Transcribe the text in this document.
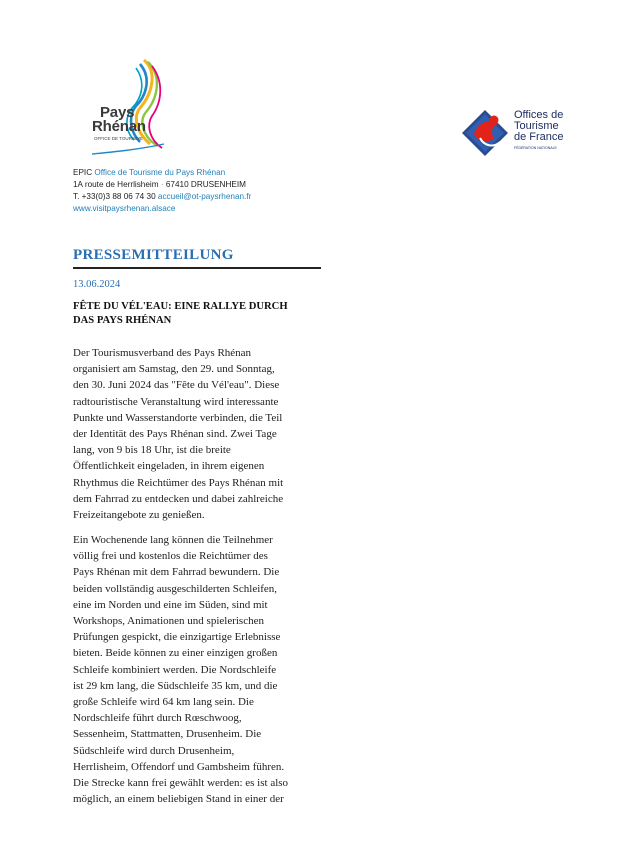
Pays
Rhénan
OFFICE DE TOURISME
Offices de
Tourisme
de France
FÉDÉRATION NATIONALE
EPIC Office de Tourisme du Pays Rhénan
1A route de Herrlisheim · 67410 DRUSENHEIM
T. +33(0)3 88 06 74 30 accueil@ot-paysrhenan.fr
www.visitpaysrhenan.alsace
PRESSEMITTEILUNG
13.06.2024
FÊTE DU VÉL'EAU: EINE RALLYE DURCH
DAS PAYS RHÉNAN
Der Tourismusverband des Pays Rhénan
organisiert am Samstag, den 29. und Sonntag,
den 30. Juni 2024 das "Fête du Vél'eau". Diese
radtouristische Veranstaltung wird interessante
Punkte und Wasserstandorte verbinden, die Teil
der Identität des Pays Rhénan sind. Zwei Tage
lang, von 9 bis 18 Uhr, ist die breite
Öffentlichkeit eingeladen, in ihrem eigenen
Rhythmus die Reichtümer des Pays Rhénan mit
dem Fahrrad zu entdecken und dabei zahlreiche
Freizeitangebote zu genießen.
Ein Wochenende lang können die Teilnehmer
völlig frei und kostenlos die Reichtümer des
Pays Rhénan mit dem Fahrrad bewundern. Die
beiden vollständig ausgeschilderten Schleifen,
eine im Norden und eine im Süden, sind mit
Workshops, Animationen und spielerischen
Prüfungen gespickt, die einzigartige Erlebnisse
bieten. Beide können zu einer einzigen großen
Schleife kombiniert werden. Die Nordschleife
ist 29 km lang, die Südschleife 35 km, und die
große Schleife wird 64 km lang sein. Die
Nordschleife führt durch Rœschwoog,
Sessenheim, Stattmatten, Drusenheim. Die
Südschleife wird durch Drusenheim,
Herrlisheim, Offendorf und Gambsheim führen.
Die Strecke kann frei gewählt werden: es ist also
möglich, an einem beliebigen Stand in einer der
